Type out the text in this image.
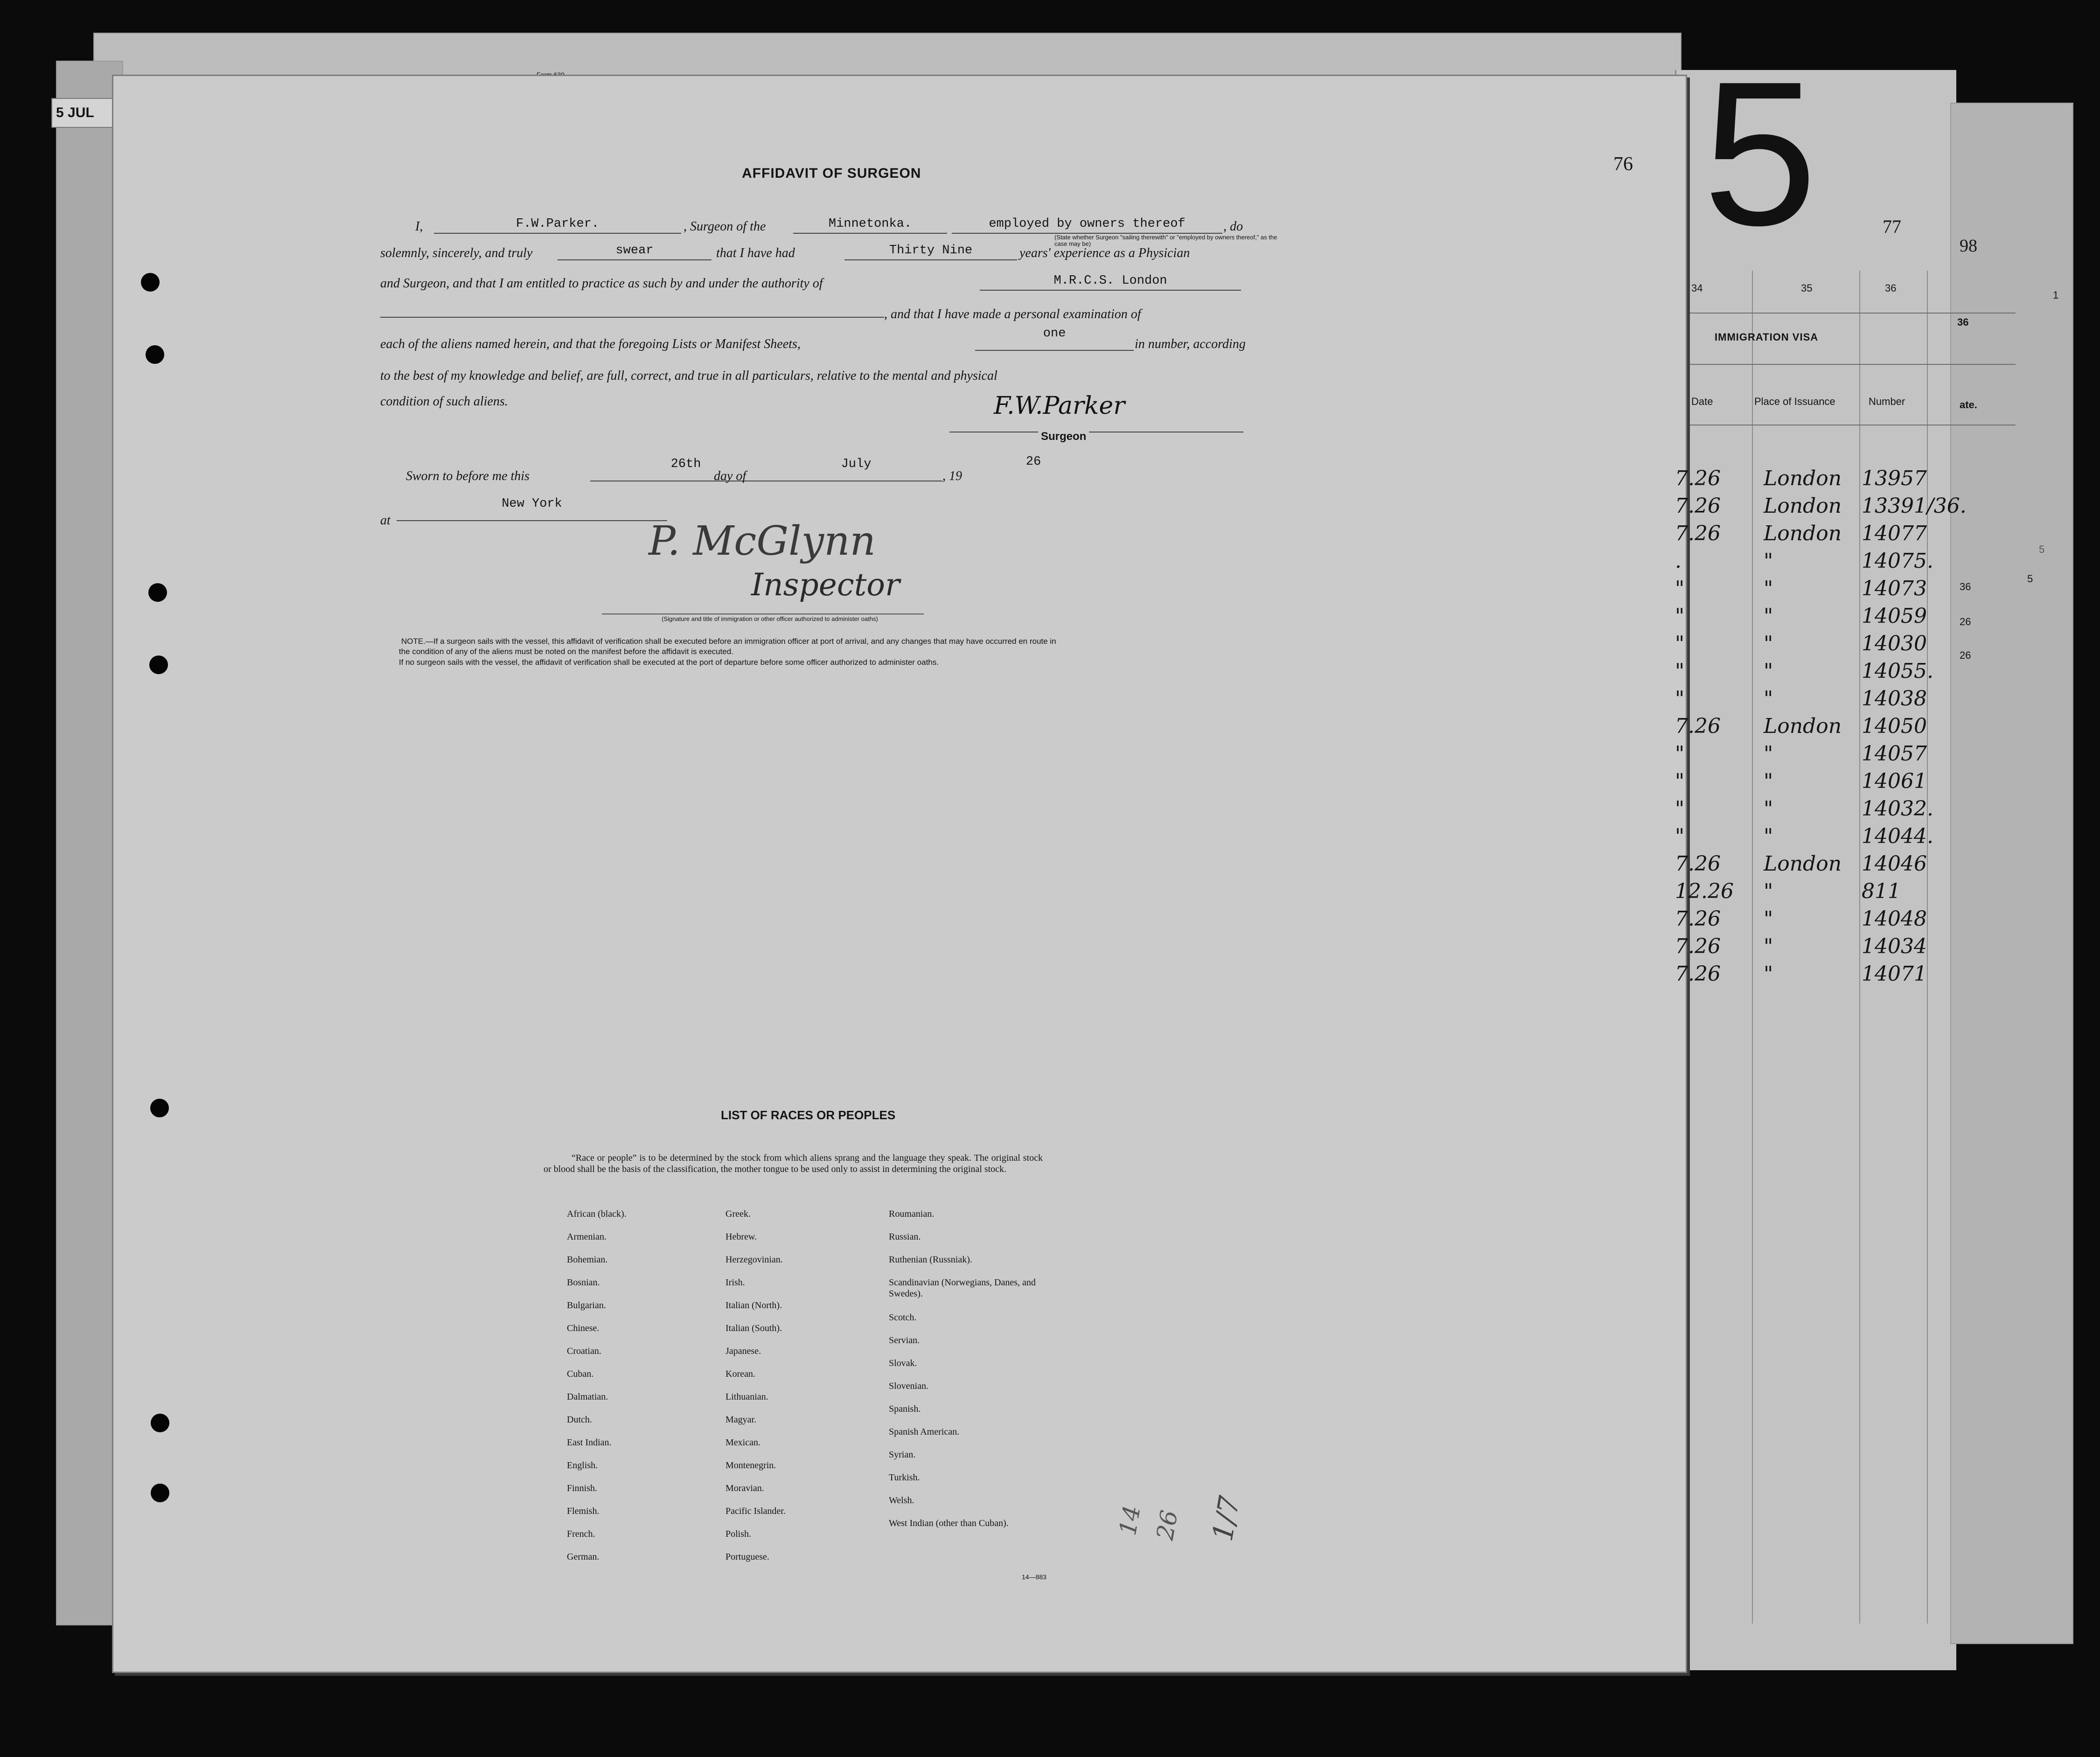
5 JUL
76
77
98
5
AFFIDAVIT OF SURGEON
I,	F.W.Parker.	, Surgeon of the	Minnetonka.	employed by owners thereof	, do
(State whether Surgeon "sailing therewith" or "employed by owners thereof," as the case may be)
solemnly, sincerely, and truly	swear	that I have had	Thirty Nine	years' experience as a Physician
and Surgeon, and that I am entitled to practice as such by and under the authority of	M.R.C.S. London
, and that I have made a personal examination of
each of the aliens named herein, and that the foregoing Lists or Manifest Sheets,
one
in number, according
to the best of my knowledge and belief, are full, correct, and true in all particulars, relative to the mental and physical
condition of such aliens.	F.W.Parker
Surgeon
Sworn to before me this
26th
day of
July
, 19
26
at
New York
P. McGlynn
Inspector
(Signature and title of immigration or other officer authorized to administer oaths)
NOTE.—If a surgeon sails with the vessel, this affidavit of verification shall be executed before an immigration officer at port of arrival, and any changes that may have occurred en route in
the condition of any of the aliens must be noted on the manifest before the affidavit is executed.
If no surgeon sails with the vessel, the affidavit of verification shall be executed at the port of departure before some officer authorized to administer oaths.
LIST OF RACES OR PEOPLES
“Race or people” is to be determined by the stock from which aliens sprang and the language they speak. The original stock or blood shall be the basis of the classification, the mother tongue to be used only to assist in determining the original stock.
African (black).
Armenian.
Bohemian.
Bosnian.
Bulgarian.
Chinese.
Croatian.
Cuban.
Dalmatian.
Dutch.
East Indian.
English.
Finnish.
Flemish.
French.
German.
Greek.
Hebrew.
Herzegovinian.
Irish.
Italian (North).
Italian (South).
Japanese.
Korean.
Lithuanian.
Magyar.
Mexican.
Montenegrin.
Moravian.
Pacific Islander.
Polish.
Portuguese.
Roumanian.
Russian.
Ruthenian (Russniak).
Scandinavian (Norwegians, Danes, and Swedes).
Scotch.
Servian.
Slovak.
Slovenian.
Spanish.
Spanish American.
Syrian.
Turkish.
Welsh.
West Indian (other than Cuban).
14—883
14 26 1/7
34	35	36
IMMIGRATION VISA
Date	Place of Issuance	Number	ate.
36
7.26 London 13957
7.26 London 13391/36.
7.26 London 14077
.	"	14075.
"	"	14073
"	"	14059
"	"	14030
"	"	14055.
"	"	14038
7.26 London 14050
"	"	14057
"	"	14061
"	"	14032.
"	"	14044.
7.26 London 14046
12.26 "	811
7.26 "	14048
7.26 "	14034
7.26 "	14071
36
26
26
5
5
1
